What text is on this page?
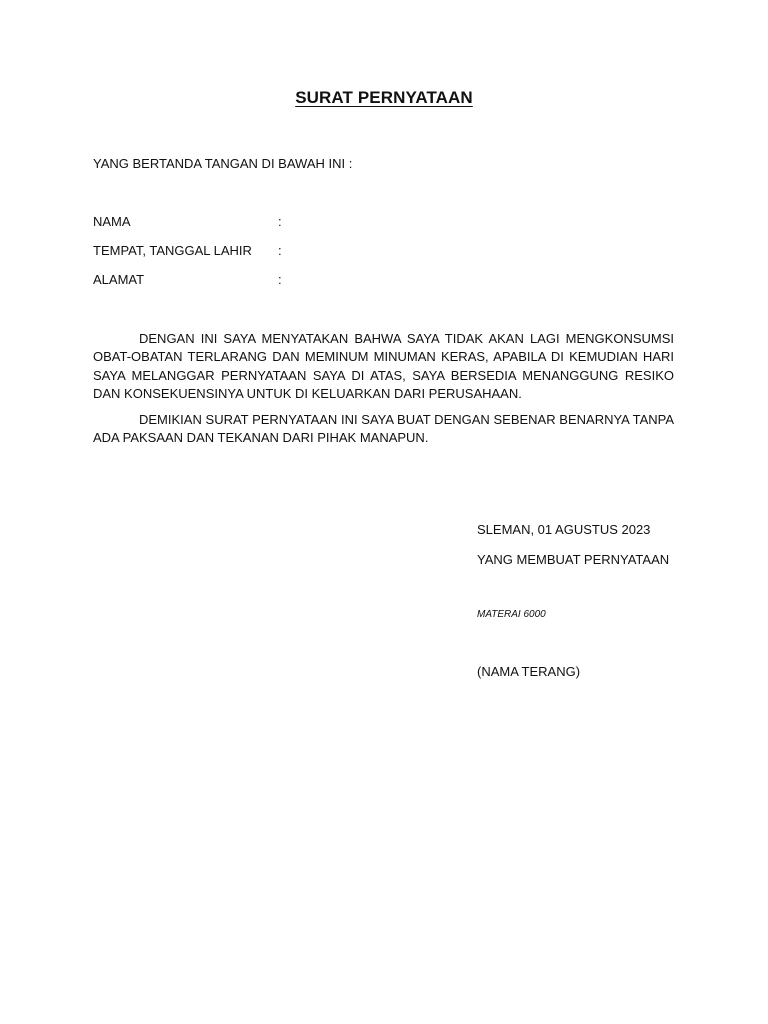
SURAT PERNYATAAN
YANG BERTANDA TANGAN DI BAWAH INI :
NAMA	:
TEMPAT, TANGGAL LAHIR :
ALAMAT	:

DENGAN INI SAYA MENYATAKAN BAHWA SAYA TIDAK AKAN LAGI MENGKONSUMSI OBAT-OBATAN TERLARANG DAN MEMINUM MINUMAN KERAS, APABILA DI KEMUDIAN HARI SAYA MELANGGAR PERNYATAAN SAYA DI ATAS, SAYA BERSEDIA MENANGGUNG RESIKO DAN KONSEKUENSINYA UNTUK DI KELUARKAN DARI PERUSAHAAN.

DEMIKIAN SURAT PERNYATAAN INI SAYA BUAT DENGAN SEBENAR BENARNYA TANPA ADA PAKSAAN DAN TEKANAN DARI PIHAK MANAPUN.

SLEMAN, 01 AGUSTUS 2023
YANG MEMBUAT PERNYATAAN
MATERAI 6000
(NAMA TERANG)
